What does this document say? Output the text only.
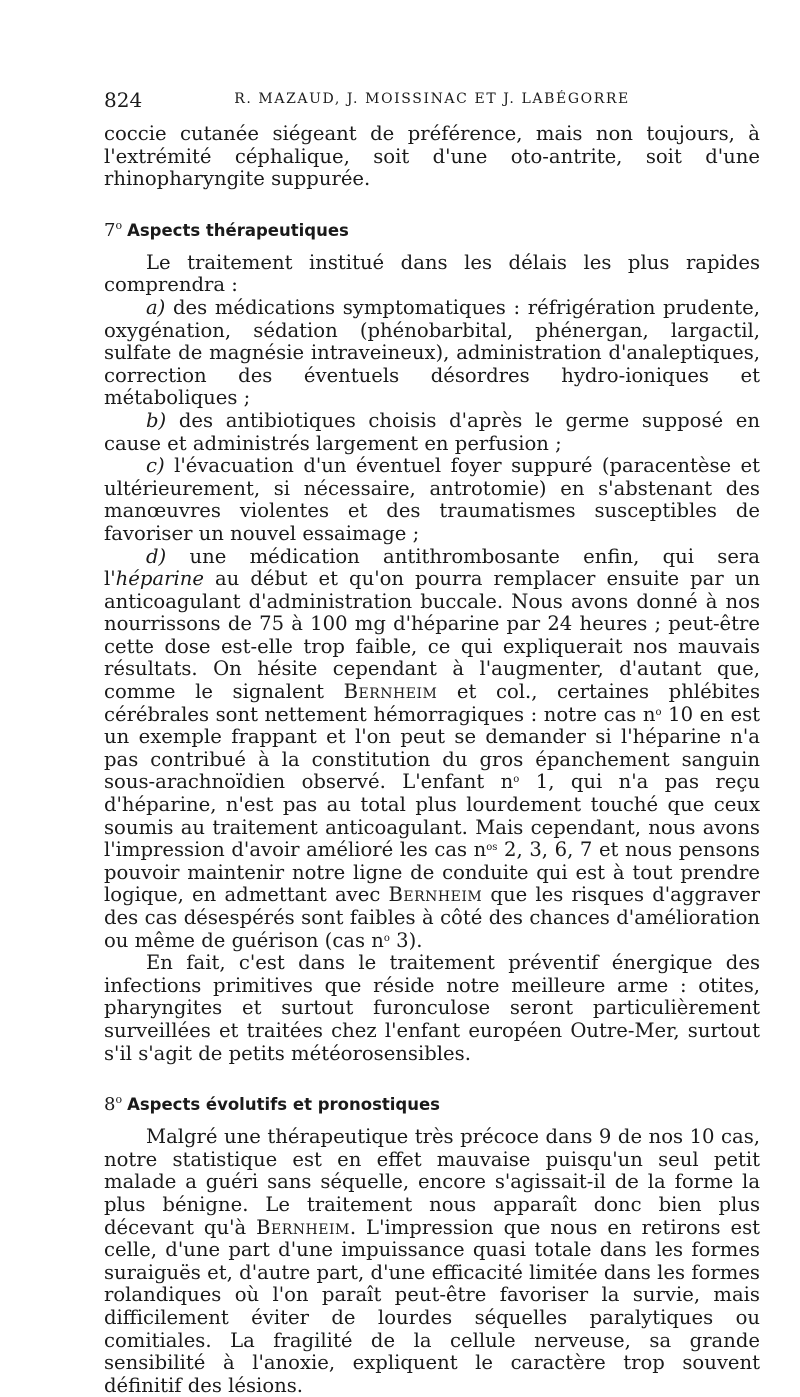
824	R. MAZAUD, J. MOISSINAC ET J. LABÉGORRE

coccie cutanée siégeant de préférence, mais non toujours, à l'extrémité céphalique, soit d'une oto-antrite, soit d'une rhinopharyngite suppurée.

7$^o$ Aspects thérapeutiques

Le traitement institué dans les délais les plus rapides comprendra :

a) des médications symptomatiques : réfrigération prudente, oxygénation, sédation (phénobarbital, phénergan, largactil, sulfate de magnésie intraveineux), administration d'analeptiques, correction des éventuels désordres hydro-ioniques et métaboliques ;

b) des antibiotiques choisis d'après le germe supposé en cause et administrés largement en perfusion ;

c) l'évacuation d'un éventuel foyer suppuré (paracentèse et ultérieurement, si nécessaire, antrotomie) en s'abstenant des manœuvres violentes et des traumatismes susceptibles de favoriser un nouvel essaimage ;

d) une médication antithrombosante enfin, qui sera l'héparine au début et qu'on pourra remplacer ensuite par un anticoagulant d'administration buccale. Nous avons donné à nos nourrissons de 75 à 100 mg d'héparine par 24 heures ; peut-être cette dose est-elle trop faible, ce qui expliquerait nos mauvais résultats. On hésite cependant à l'augmenter, d'autant que, comme le signalent Bernheim et col., certaines phlébites cérébrales sont nettement hémorragiques : notre cas $n^o$ 10 en est un exemple frappant et l'on peut se demander si l'héparine n'a pas contribué à la constitution du gros épanchement sanguin sous-arachnoïdien observé. L'enfant $n^o$ 1, qui n'a pas reçu d'héparine, n'est pas au total plus lourdement touché que ceux soumis au traitement anticoagulant. Mais cependant, nous avons l'impression d'avoir amélioré les cas $n^{os}$ 2, 3, 6, 7 et nous pensons pouvoir maintenir notre ligne de conduite qui est à tout prendre logique, en admettant avec Bernheim que les risques d'aggraver des cas désespérés sont faibles à côté des chances d'amélioration ou même de guérison (cas $n^o$ 3).

En fait, c'est dans le traitement préventif énergique des infections primitives que réside notre meilleure arme : otites, pharyngites et surtout furonculose seront particulièrement surveillées et traitées chez l'enfant européen Outre-Mer, surtout s'il s'agit de petits météorosensibles.

8$^o$ Aspects évolutifs et pronostiques

Malgré une thérapeutique très précoce dans 9 de nos 10 cas, notre statistique est en effet mauvaise puisqu'un seul petit malade a guéri sans séquelle, encore s'agissait-il de la forme la plus bénigne. Le traitement nous apparaît donc bien plus décevant qu'à Bernheim. L'impression que nous en retirons est celle, d'une part d'une impuissance quasi totale dans les formes suraiguës et, d'autre part, d'une efficacité limitée dans les formes rolandiques où l'on paraît peut-être favoriser la survie, mais difficilement éviter de lourdes séquelles paralytiques ou comitiales. La fragilité de la cellule nerveuse, sa grande sensibilité à l'anoxie, expliquent le caractère trop souvent définitif des lésions.
